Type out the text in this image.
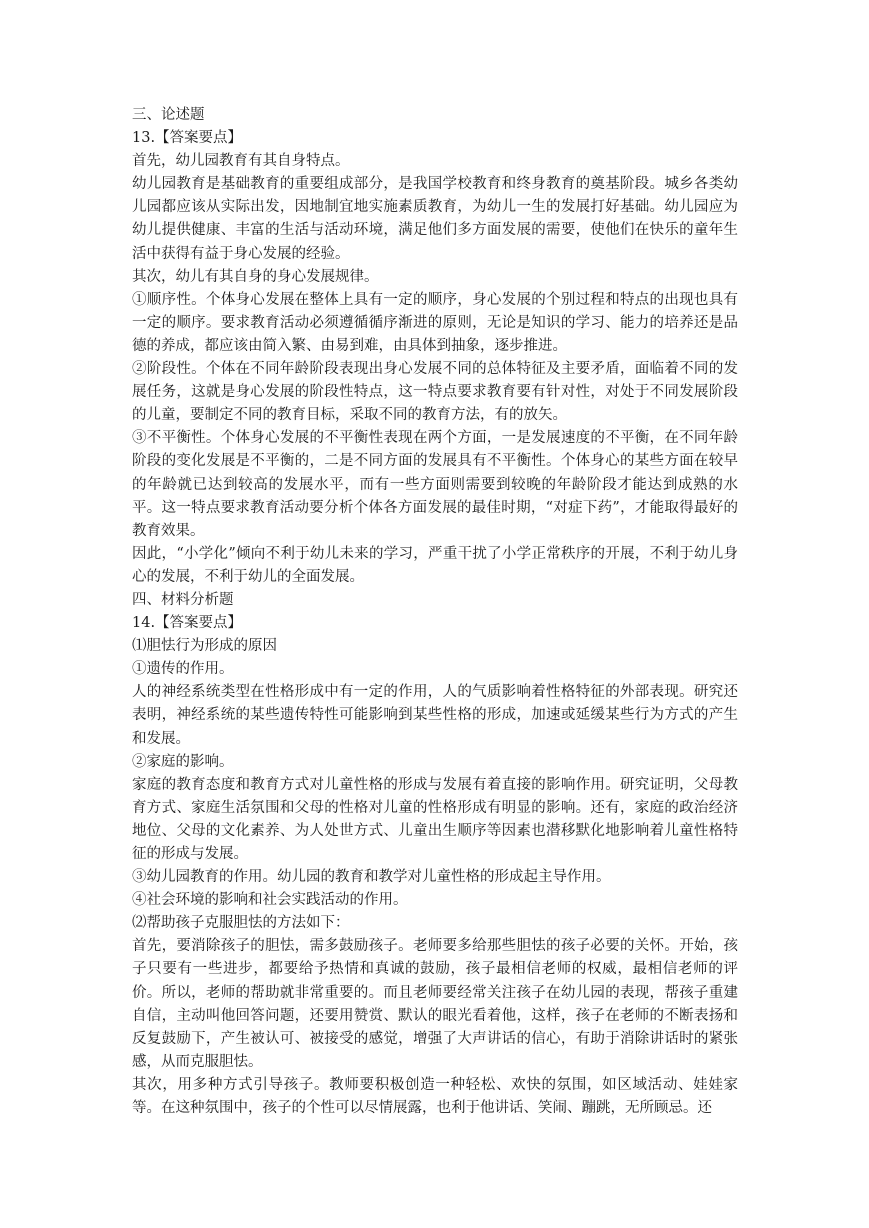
三、论述题

13.【答案要点】

首先，幼儿园教育有其自身特点。

幼儿园教育是基础教育的重要组成部分，是我国学校教育和终身教育的奠基阶段。城乡各类幼儿园都应该从实际出发，因地制宜地实施素质教育，为幼儿一生的发展打好基础。幼儿园应为幼儿提供健康、丰富的生活与活动环境，满足他们多方面发展的需要，使他们在快乐的童年生活中获得有益于身心发展的经验。

其次，幼儿有其自身的身心发展规律。

①顺序性。个体身心发展在整体上具有一定的顺序，身心发展的个别过程和特点的出现也具有一定的顺序。要求教育活动必须遵循循序渐进的原则，无论是知识的学习、能力的培养还是品德的养成，都应该由简入繁、由易到难，由具体到抽象，逐步推进。

②阶段性。个体在不同年龄阶段表现出身心发展不同的总体特征及主要矛盾，面临着不同的发展任务，这就是身心发展的阶段性特点，这一特点要求教育要有针对性，对处于不同发展阶段的儿童，要制定不同的教育目标，采取不同的教育方法，有的放矢。

③不平衡性。个体身心发展的不平衡性表现在两个方面，一是发展速度的不平衡，在不同年龄阶段的变化发展是不平衡的，二是不同方面的发展具有不平衡性。个体身心的某些方面在较早的年龄就已达到较高的发展水平，而有一些方面则需要到较晚的年龄阶段才能达到成熟的水平。这一特点要求教育活动要分析个体各方面发展的最佳时期，“对症下药”，才能取得最好的教育效果。

因此，“小学化”倾向不利于幼儿未来的学习，严重干扰了小学正常秩序的开展，不利于幼儿身心的发展，不利于幼儿的全面发展。

四、材料分析题

14.【答案要点】

⑴胆怯行为形成的原因

①遗传的作用。

人的神经系统类型在性格形成中有一定的作用，人的气质影响着性格特征的外部表现。研究还表明，神经系统的某些遗传特性可能影响到某些性格的形成，加速或延缓某些行为方式的产生和发展。

②家庭的影响。

家庭的教育态度和教育方式对儿童性格的形成与发展有着直接的影响作用。研究证明，父母教育方式、家庭生活氛围和父母的性格对儿童的性格形成有明显的影响。还有，家庭的政治经济地位、父母的文化素养、为人处世方式、儿童出生顺序等因素也潜移默化地影响着儿童性格特征的形成与发展。

③幼儿园教育的作用。幼儿园的教育和教学对儿童性格的形成起主导作用。

④社会环境的影响和社会实践活动的作用。

⑵帮助孩子克服胆怯的方法如下：

首先，要消除孩子的胆怯，需多鼓励孩子。老师要多给那些胆怯的孩子必要的关怀。开始，孩子只要有一些进步，都要给予热情和真诚的鼓励，孩子最相信老师的权威，最相信老师的评价。所以，老师的帮助就非常重要的。而且老师要经常关注孩子在幼儿园的表现，帮孩子重建自信，主动叫他回答问题，还要用赞赏、默认的眼光看着他，这样，孩子在老师的不断表扬和反复鼓励下，产生被认可、被接受的感觉，增强了大声讲话的信心，有助于消除讲话时的紧张感，从而克服胆怯。

其次，用多种方式引导孩子。教师要积极创造一种轻松、欢快的氛围，如区域活动、娃娃家等。在这种氛围中，孩子的个性可以尽情展露，也利于他讲话、笑闹、蹦跳，无所顾忌。还
